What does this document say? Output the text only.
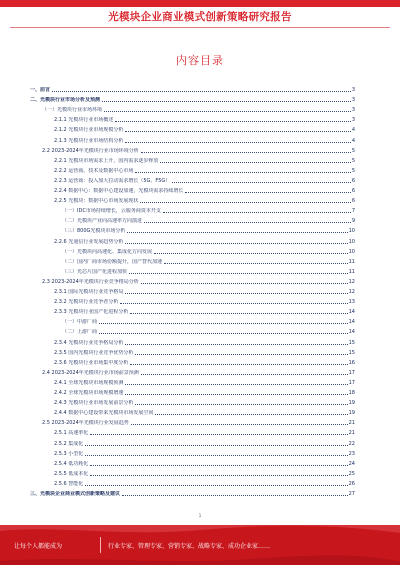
光模块企业商业模式创新策略研究报告
内容目录
一、前言	3
二、光模块行业市场分析及预测	3
（一）光模块行业市场环境	3
2.1.1 光模块行业市场概述	3
2.1.2 光模块行业市场规模分析	4
2.1.3 光模块行业市场结构分析	4
2.2 2023-2024年光模块行业市场环境分析	5
2.2.1 光模块市场需求上升，国内需求逐步释放	5
2.2.2 运营商、技术及数据中心市场	5
2.2.3 运营商：投入加大拉动需求增长（5G、F5G）	6
2.2.4 数据中心：数据中心建设加速，光模块需求持续增长	6
2.2.5 光模块：数据中心市场发展现状	6
（一）IDC市场持续增长，云服务商资本开支	7
（二）光模块产业向高速率方向演进	9
（三）800G光模块市场分析	10
2.2.6 光通信行业发展趋势分析	10
（一）光模块向高速化、集成化方向发展	10
（二）国内厂商市场份额提升，国产替代加速	11
（三）光芯片国产化进程加快	11
2.3 2023-2024年光模块行业竞争格局分析	12
2.3.1 国际光模块行业竞争格局	12
2.3.2 光模块行业竞争者分析	13
2.3.3 光模块行业国产化进程分析	14
（一）中游厂商	14
（二）上游厂商	14
2.3.4 光模块行业竞争格局分析	15
2.3.5 国内光模块行业竞争优势分析	15
2.3.6 光模块行业市场集中度分析	16
2.4 2023-2024年光模块行业市场前景预测	17
2.4.1 全球光模块市场规模预测	17
2.4.2 全球光模块市场规模增速	18
2.4.3 光模块行业市场发展前景分析	19
2.4.4 数据中心建设带来光模块市场发展空间	19
2.5 2023-2024年光模块行业发展趋势	21
2.5.1 高速率化	21
2.5.2 集成化	22
2.5.3 小型化	23
2.5.4 低功耗化	24
2.5.5 低成本化	25
2.5.6 智能化	26
三、光模块企业商业模式创新策略及建议	27
1
让每个人都能成为	行业专家、管理专家、营销专家、战略专家、成功企业家……
